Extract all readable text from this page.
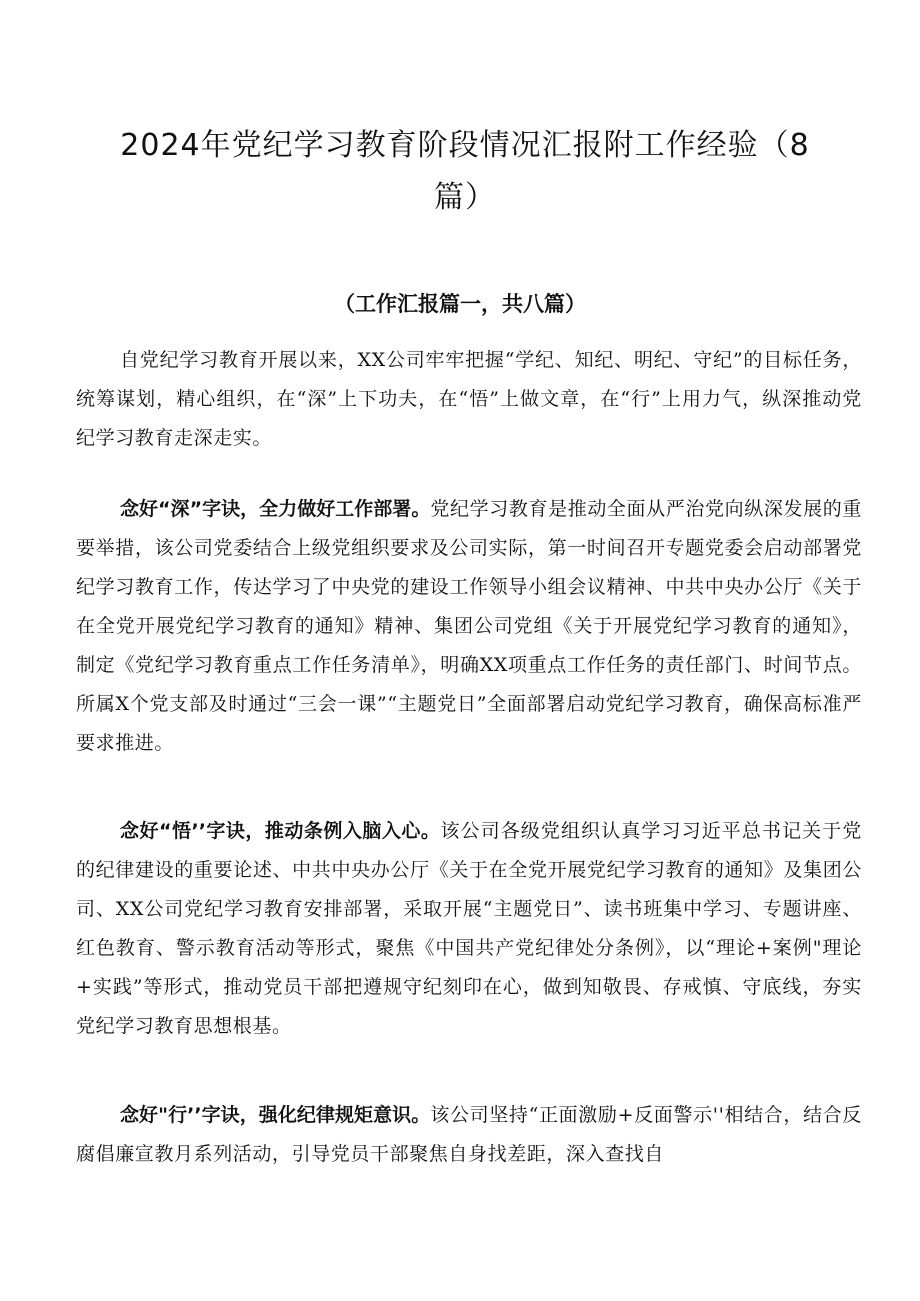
2024年党纪学习教育阶段情况汇报附工作经验（8篇）
（工作汇报篇一，共八篇）

自党纪学习教育开展以来，XX公司牢牢把握“学纪、知纪、明纪、守纪”的目标任务，统筹谋划，精心组织，在“深”上下功夫，在“悟”上做文章，在“行”上用力气，纵深推动党纪学习教育走深走实。

念好“深”字诀，全力做好工作部署。党纪学习教育是推动全面从严治党向纵深发展的重要举措，该公司党委结合上级党组织要求及公司实际，第一时间召开专题党委会启动部署党纪学习教育工作，传达学习了中央党的建设工作领导小组会议精神、中共中央办公厅《关于在全党开展党纪学习教育的通知》精神、集团公司党组《关于开展党纪学习教育的通知》，制定《党纪学习教育重点工作任务清单》，明确XX项重点工作任务的责任部门、时间节点。所属X个党支部及时通过“三会一课”“主题党日”全面部署启动党纪学习教育，确保高标准严要求推进。

念好“悟’’字诀，推动条例入脑入心。该公司各级党组织认真学习习近平总书记关于党的纪律建设的重要论述、中共中央办公厅《关于在全党开展党纪学习教育的通知》及集团公司、XX公司党纪学习教育安排部署，采取开展“主题党日”、读书班集中学习、专题讲座、红色教育、警示教育活动等形式，聚焦《中国共产党纪律处分条例》，以“理论+案例"理论+实践”等形式，推动党员干部把遵规守纪刻印在心，做到知敬畏、存戒慎、守底线，夯实党纪学习教育思想根基。

念好"行’’字诀，强化纪律规矩意识。该公司坚持“正面激励+反面警示''相结合，结合反腐倡廉宣教月系列活动，引导党员干部聚焦自身找差距，深入查找自
